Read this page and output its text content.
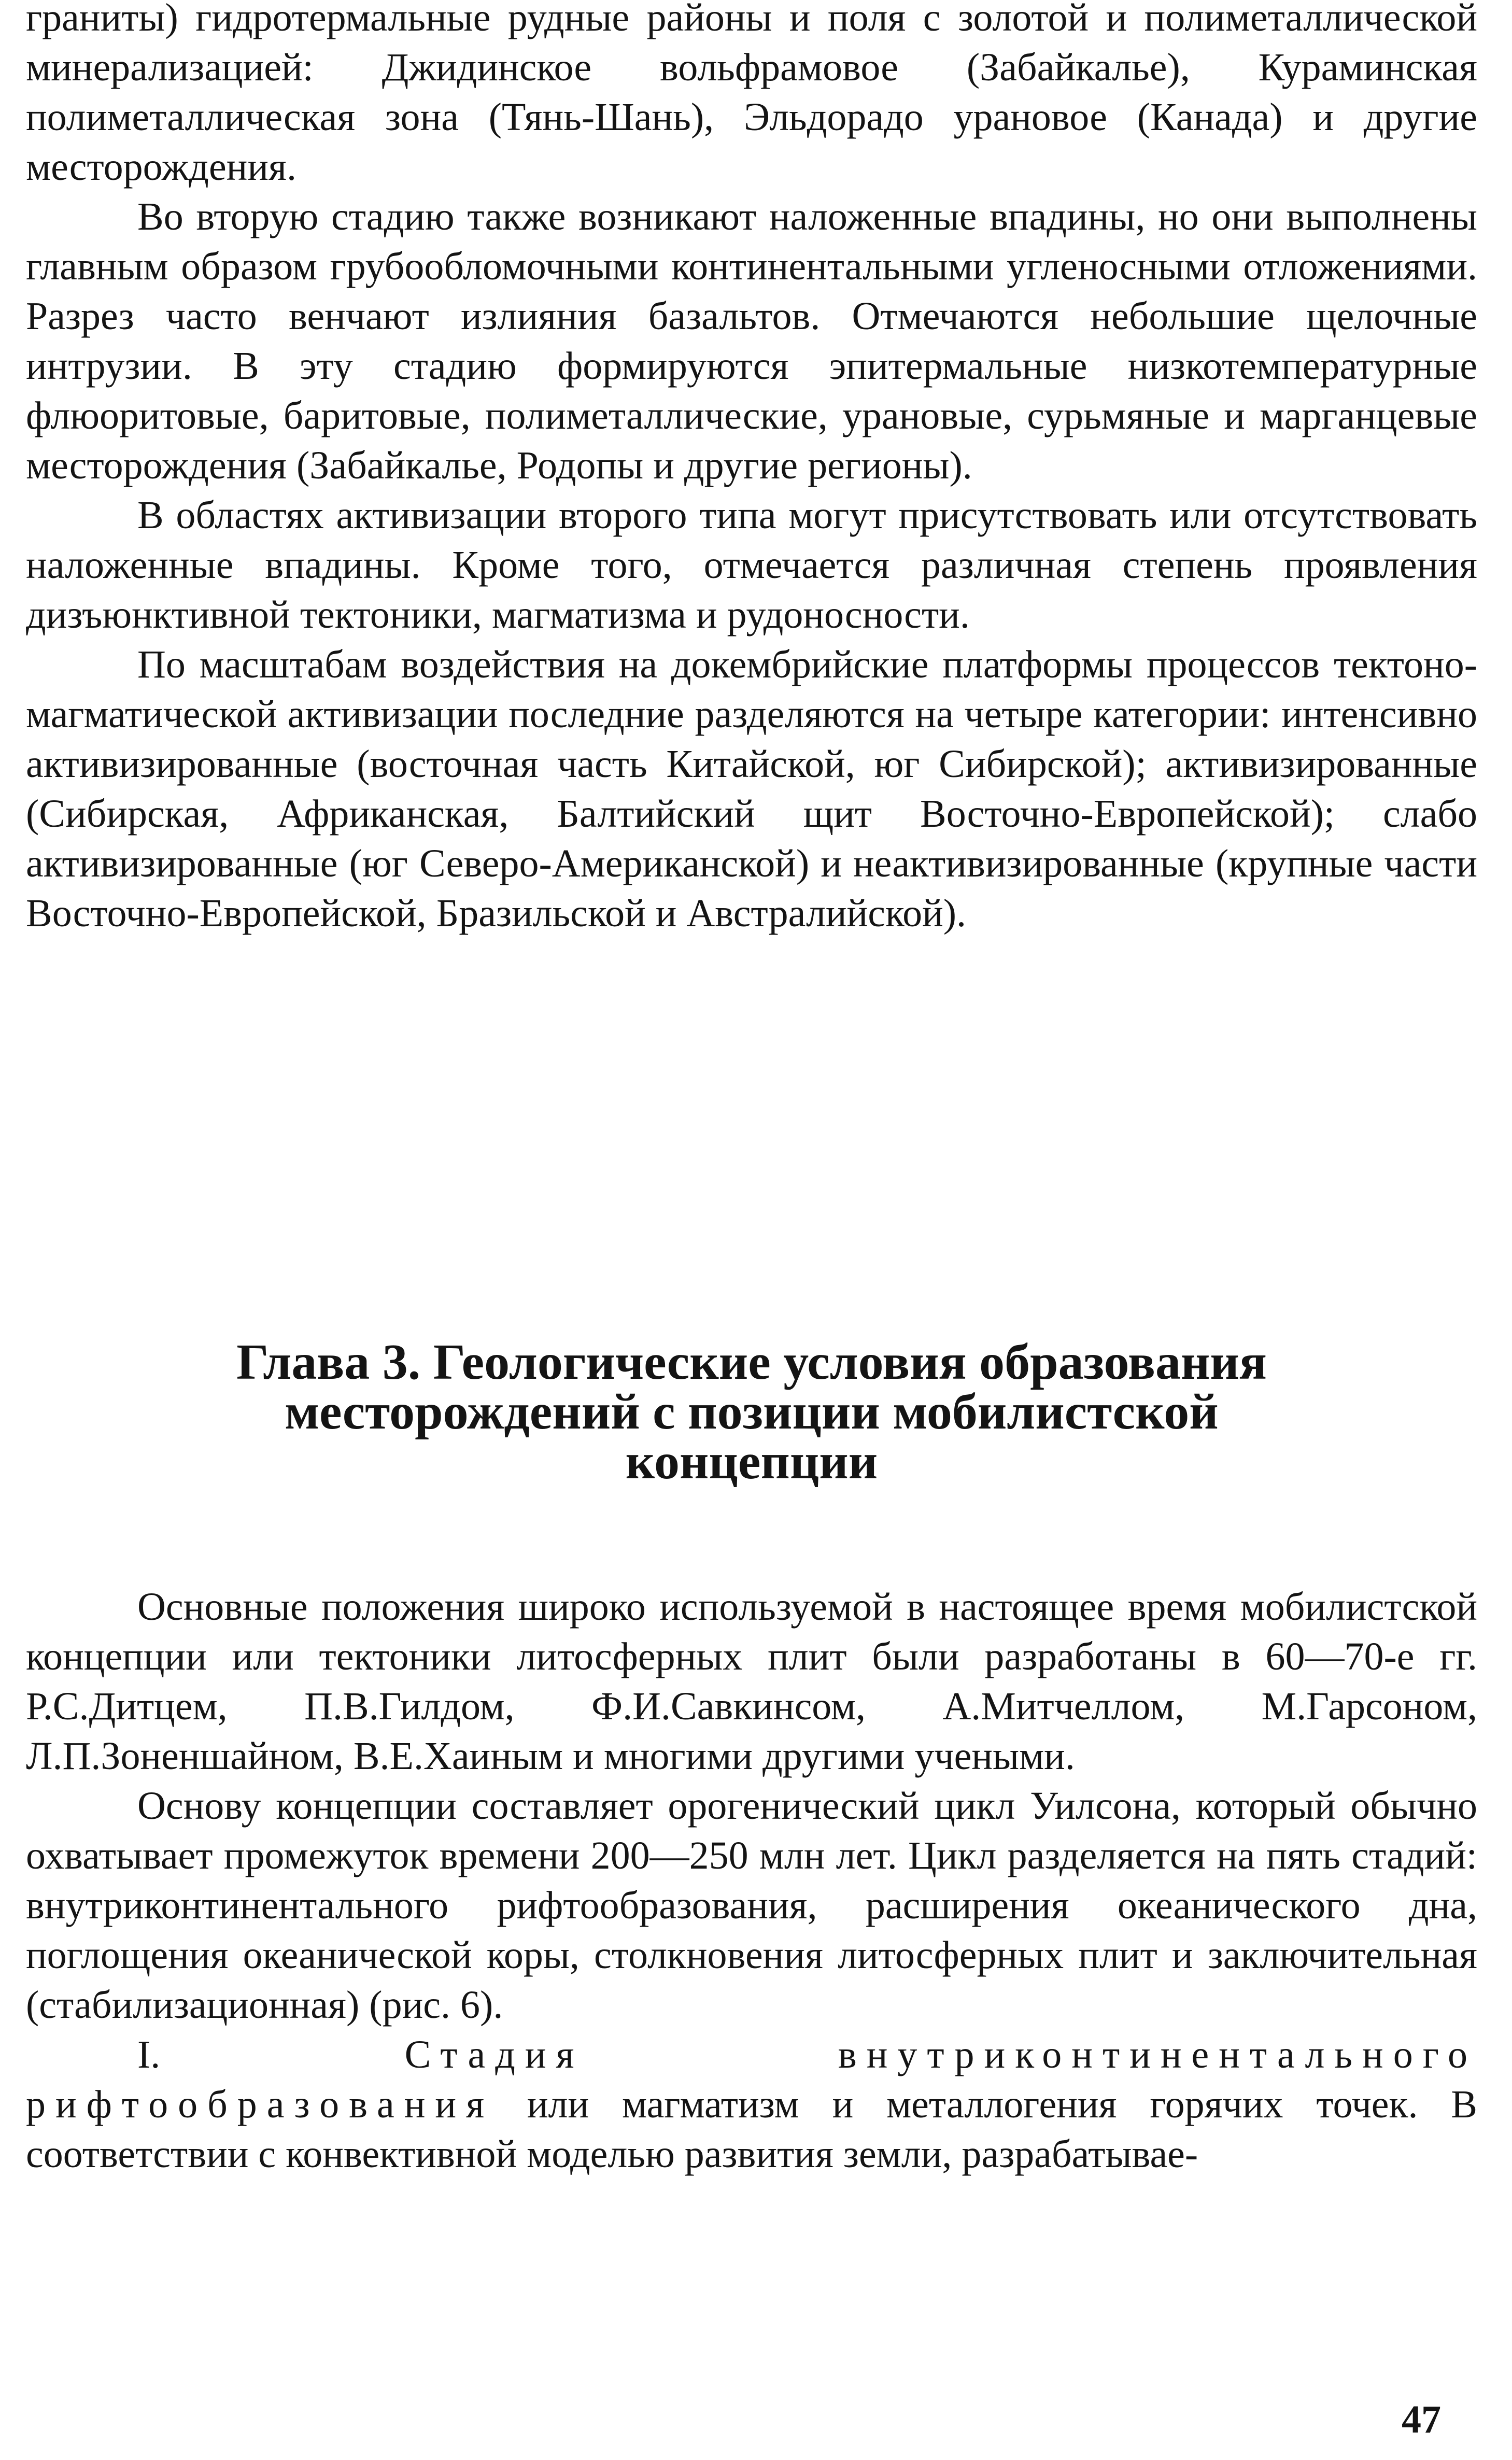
граниты) гидротермальные рудные районы и поля с золотой и полиметаллической минерализацией: Джидинское вольфрамовое (Забайкалье), Кураминская полиметаллическая зона (Тянь-Шань), Эльдорадо урановое (Канада) и другие месторождения.

Во вторую стадию также возникают наложенные впадины, но они выполнены главным образом грубообломочными континентальными угленосными отложениями. Разрез часто венчают излияния базальтов. Отмечаются небольшие щелочные интрузии. В эту стадию формируются эпитермальные низкотемпературные флюоритовые, баритовые, полиметаллические, урановые, сурьмяные и марганцевые месторождения (Забайкалье, Родопы и другие регионы).

В областях активизации второго типа могут присутствовать или отсутствовать наложенные впадины. Кроме того, отмечается различная степень проявления дизъюнктивной тектоники, магматизма и рудоносности.

По масштабам воздействия на докембрийские платформы процессов тектоно-магматической активизации последние разделяются на четыре категории: интенсивно активизированные (восточная часть Китайской, юг Сибирской); активизированные (Сибирская, Африканская, Балтийский щит Восточно-Европейской); слабо активизированные (юг Северо-Американской) и неактивизированные (крупные части Восточно-Европейской, Бразильской и Австралийской).

Глава 3. Геологические условия образования
месторождений с позиции мобилистской
концепции

Основные положения широко используемой в настоящее время мобилистской концепции или тектоники литосферных плит были разработаны в 60—70-е гг. Р.С.Дитцем, П.В.Гилдом, Ф.И.Савкинсом, А.Митчеллом, М.Гарсоном, Л.П.Зоненшайном, В.Е.Хаиным и многими другими учеными.

Основу концепции составляет орогенический цикл Уилсона, который обычно охватывает промежуток времени 200—250 млн лет. Цикл разделяется на пять стадий: внутриконтинентального рифтообразования, расширения океанического дна, поглощения океанической коры, столкновения литосферных плит и заключительная (стабилизационная) (рис. 6).

I. Стадия внутриконтинентального рифтообразования или магматизм и металлогения горячих точек. В соответствии с конвективной моделью развития земли, разрабатывае-

47
